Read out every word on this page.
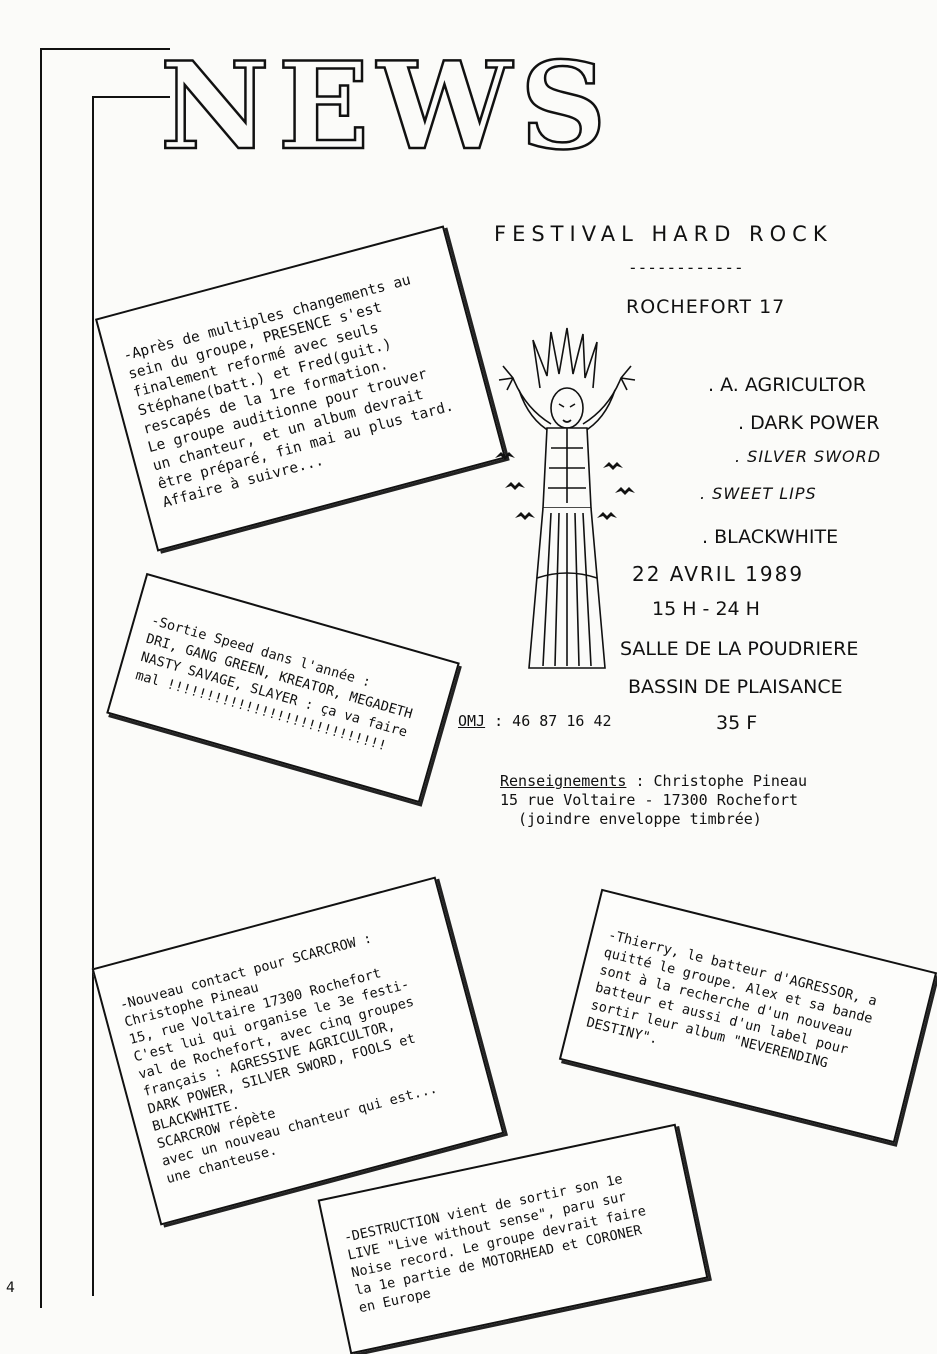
NEWS

-Après de multiples changements au
sein du groupe, PRESENCE s'est
finalement reformé avec seuls
Stéphane(batt.) et Fred(guit.)
rescapés de la 1re formation.
Le groupe auditionne pour trouver
un chanteur, et un album devrait
être préparé, fin mai au plus tard.
Affaire à suivre...

-Sortie Speed dans l'année :
DRI, GANG GREEN, KREATOR, MEGADETH
NASTY SAVAGE, SLAYER : ça va faire
mal !!!!!!!!!!!!!!!!!!!!!!!!!!!!

-Nouveau contact pour SCARCROW :
Christophe Pineau
15, rue Voltaire 17300 Rochefort
C'est lui qui organise le 3e festi-
val de Rochefort, avec cinq groupes
français : AGRESSIVE AGRICULTOR,
DARK POWER, SILVER SWORD, FOOLS et
BLACKWHITE.
SCARCROW répète
avec un nouveau chanteur qui est...
une chanteuse.

-Thierry, le batteur d'AGRESSOR, a
quitté le groupe. Alex et sa bande
sont à la recherche d'un nouveau
batteur et aussi d'un label pour
sortir leur album "NEVERENDING
DESTINY".

-DESTRUCTION vient de sortir son 1e
LIVE "Live without sense", paru sur
Noise record. Le groupe devrait faire
la 1e partie de MOTORHEAD et CORONER
en Europe

FESTIVAL HARD ROCK
------------
ROCHEFORT 17
. A. AGRICULTOR
. DARK POWER
. SILVER SWORD
. SWEET LIPS
. BLACKWHITE
22 AVRIL 1989
15 H - 24 H
SALLE DE LA POUDRIERE
BASSIN DE PLAISANCE
OMJ : 46 87 16 42	35 F
Renseignements : Christophe Pineau
15 rue Voltaire - 17300 Rochefort
(joindre enveloppe timbrée)
4
